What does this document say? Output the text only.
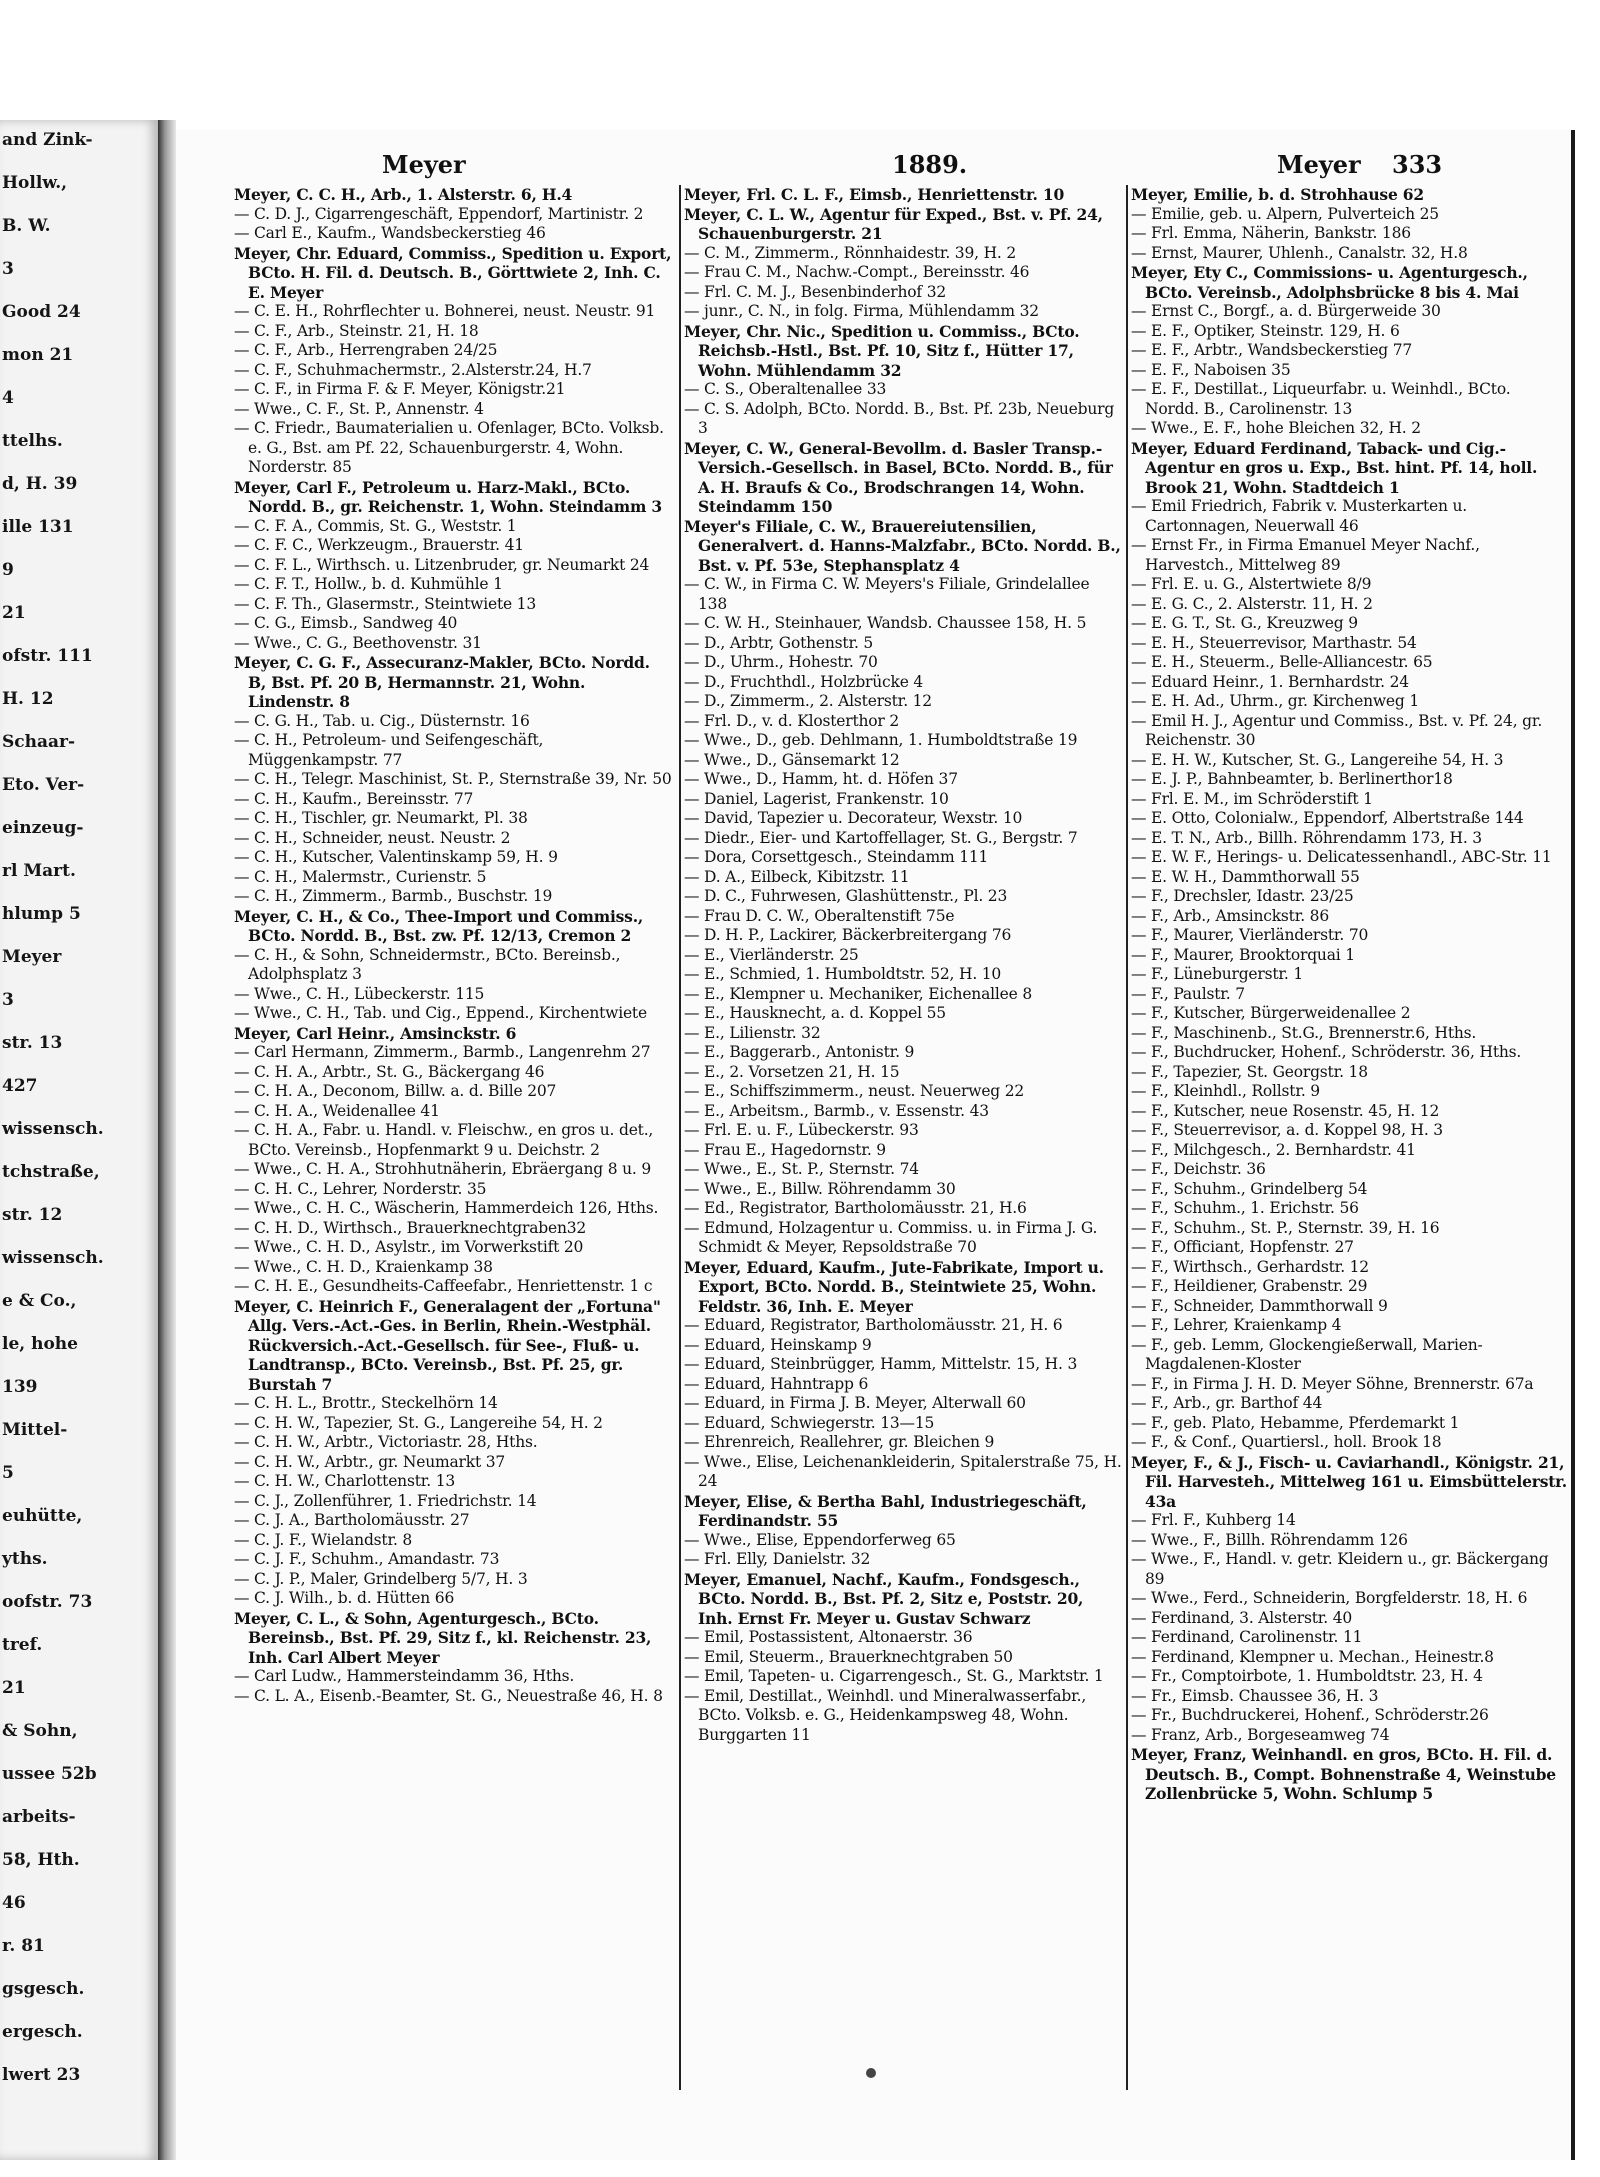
and Zink-
Hollw.,
B. W.
3
Good 24
mon 21
4
ttelhs.
d, H. 39
ille 131
9
21
ofstr. 111
H. 12
Schaar-
Eto. Ver-
einzeug-
rl Mart.
hlump 5
Meyer
3
str. 13
427
wissensch.
tchstraße,
str. 12
wissensch.
e & Co.,
le, hohe
139
Mittel-
5
euhütte,
yths.
oofstr. 73
tref.
21
& Sohn,
ussee 52b
arbeits-
58, Hth.
46
r. 81
gsgesch.
ergesch.
lwert 23
Meyer	1889.	Meyer 333

Meyer, C. C. H., Arb., 1. Alsterstr. 6, H.4

— C. D. J., Cigarrengeschäft, Eppendorf, Martinistr. 2

— Carl E., Kaufm., Wandsbeckerstieg 46

Meyer, Chr. Eduard, Commiss., Spedition u. Export, BCto. H. Fil. d. Deutsch. B., Görttwiete 2, Inh. C. E. Meyer

— C. E. H., Rohrflechter u. Bohnerei, neust. Neustr. 91

— C. F., Arb., Steinstr. 21, H. 18

— C. F., Arb., Herrengraben 24/25

— C. F., Schuhmachermstr., 2.Alsterstr.24, H.7

— C. F., in Firma F. & F. Meyer, Königstr.21

— Wwe., C. F., St. P., Annenstr. 4

— C. Friedr., Baumaterialien u. Ofenlager, BCto. Volksb. e. G., Bst. am Pf. 22, Schauenburgerstr. 4, Wohn. Norderstr. 85

Meyer, Carl F., Petroleum u. Harz-Makl., BCto. Nordd. B., gr. Reichenstr. 1, Wohn. Steindamm 3

— C. F. A., Commis, St. G., Weststr. 1

— C. F. C., Werkzeugm., Brauerstr. 41

— C. F. L., Wirthsch. u. Litzenbruder, gr. Neumarkt 24

— C. F. T., Hollw., b. d. Kuhmühle 1

— C. F. Th., Glasermstr., Steintwiete 13

— C. G., Eimsb., Sandweg 40

— Wwe., C. G., Beethovenstr. 31

Meyer, C. G. F., Assecuranz-Makler, BCto. Nordd. B, Bst. Pf. 20 B, Hermannstr. 21, Wohn. Lindenstr. 8

— C. G. H., Tab. u. Cig., Düsternstr. 16

— C. H., Petroleum- und Seifengeschäft, Müggenkampstr. 77

— C. H., Telegr. Maschinist, St. P., Sternstraße 39, Nr. 50

— C. H., Kaufm., Bereinsstr. 77

— C. H., Tischler, gr. Neumarkt, Pl. 38

— C. H., Schneider, neust. Neustr. 2

— C. H., Kutscher, Valentinskamp 59, H. 9

— C. H., Malermstr., Curienstr. 5

— C. H., Zimmerm., Barmb., Buschstr. 19

Meyer, C. H., & Co., Thee-Import und Commiss., BCto. Nordd. B., Bst. zw. Pf. 12/13, Cremon 2

— C. H., & Sohn, Schneidermstr., BCto. Bereinsb., Adolphsplatz 3

— Wwe., C. H., Lübeckerstr. 115

— Wwe., C. H., Tab. und Cig., Eppend., Kirchentwiete

Meyer, Carl Heinr., Amsinckstr. 6

— Carl Hermann, Zimmerm., Barmb., Langenrehm 27

— C. H. A., Arbtr., St. G., Bäckergang 46

— C. H. A., Deconom, Billw. a. d. Bille 207

— C. H. A., Weidenallee 41

— C. H. A., Fabr. u. Handl. v. Fleischw., en gros u. det., BCto. Vereinsb., Hopfenmarkt 9 u. Deichstr. 2

— Wwe., C. H. A., Strohhutnäherin, Ebräergang 8 u. 9

— C. H. C., Lehrer, Norderstr. 35

— Wwe., C. H. C., Wäscherin, Hammerdeich 126, Hths.

— C. H. D., Wirthsch., Brauerknechtgraben32

— Wwe., C. H. D., Asylstr., im Vorwerkstift 20

— Wwe., C. H. D., Kraienkamp 38

— C. H. E., Gesundheits-Caffeefabr., Henriettenstr. 1 c

Meyer, C. Heinrich F., Generalagent der „Fortuna" Allg. Vers.-Act.-Ges. in Berlin, Rhein.-Westphäl. Rückversich.-Act.-Gesellsch. für See-, Fluß- u. Landtransp., BCto. Vereinsb., Bst. Pf. 25, gr. Burstah 7

— C. H. L., Brottr., Steckelhörn 14

— C. H. W., Tapezier, St. G., Langereihe 54, H. 2

— C. H. W., Arbtr., Victoriastr. 28, Hths.

— C. H. W., Arbtr., gr. Neumarkt 37

— C. H. W., Charlottenstr. 13

— C. J., Zollenführer, 1. Friedrichstr. 14

— C. J. A., Bartholomäusstr. 27

— C. J. F., Wielandstr. 8

— C. J. F., Schuhm., Amandastr. 73

— C. J. P., Maler, Grindelberg 5/7, H. 3

— C. J. Wilh., b. d. Hütten 66

Meyer, C. L., & Sohn, Agenturgesch., BCto. Bereinsb., Bst. Pf. 29, Sitz f., kl. Reichenstr. 23, Inh. Carl Albert Meyer

— Carl Ludw., Hammersteindamm 36, Hths.

— C. L. A., Eisenb.-Beamter, St. G., Neuestraße 46, H. 8

Meyer, Frl. C. L. F., Eimsb., Henriettenstr. 10

Meyer, C. L. W., Agentur für Exped., Bst. v. Pf. 24, Schauenburgerstr. 21

— C. M., Zimmerm., Rönnhaidestr. 39, H. 2

— Frau C. M., Nachw.-Compt., Bereinsstr. 46

— Frl. C. M. J., Besenbinderhof 32

— junr., C. N., in folg. Firma, Mühlendamm 32

Meyer, Chr. Nic., Spedition u. Commiss., BCto. Reichsb.-Hstl., Bst. Pf. 10, Sitz f., Hütter 17, Wohn. Mühlendamm 32

— C. S., Oberaltenallee 33

— C. S. Adolph, BCto. Nordd. B., Bst. Pf. 23b, Neueburg 3

Meyer, C. W., General-Bevollm. d. Basler Transp.-Versich.-Gesellsch. in Basel, BCto. Nordd. B., für A. H. Braufs & Co., Brodschrangen 14, Wohn. Steindamm 150

Meyer's Filiale, C. W., Brauereiutensilien, Generalvert. d. Hanns-Malzfabr., BCto. Nordd. B., Bst. v. Pf. 53e, Stephansplatz 4

— C. W., in Firma C. W. Meyers's Filiale, Grindelallee 138

— C. W. H., Steinhauer, Wandsb. Chaussee 158, H. 5

— D., Arbtr, Gothenstr. 5

— D., Uhrm., Hohestr. 70

— D., Fruchthdl., Holzbrücke 4

— D., Zimmerm., 2. Alsterstr. 12

— Frl. D., v. d. Klosterthor 2

— Wwe., D., geb. Dehlmann, 1. Humboldtstraße 19

— Wwe., D., Gänsemarkt 12

— Wwe., D., Hamm, ht. d. Höfen 37

— Daniel, Lagerist, Frankenstr. 10

— David, Tapezier u. Decorateur, Wexstr. 10

— Diedr., Eier- und Kartoffellager, St. G., Bergstr. 7

— Dora, Corsettgesch., Steindamm 111

— D. A., Eilbeck, Kibitzstr. 11

— D. C., Fuhrwesen, Glashüttenstr., Pl. 23

— Frau D. C. W., Oberaltenstift 75e

— D. H. P., Lackirer, Bäckerbreitergang 76

— E., Vierländerstr. 25

— E., Schmied, 1. Humboldtstr. 52, H. 10

— E., Klempner u. Mechaniker, Eichenallee 8

— E., Hausknecht, a. d. Koppel 55

— E., Lilienstr. 32

— E., Baggerarb., Antonistr. 9

— E., 2. Vorsetzen 21, H. 15

— E., Schiffszimmerm., neust. Neuerweg 22

— E., Arbeitsm., Barmb., v. Essenstr. 43

— Frl. E. u. F., Lübeckerstr. 93

— Frau E., Hagedornstr. 9

— Wwe., E., St. P., Sternstr. 74

— Wwe., E., Billw. Röhrendamm 30

— Ed., Registrator, Bartholomäusstr. 21, H.6

— Edmund, Holzagentur u. Commiss. u. in Firma J. G. Schmidt & Meyer, Repsoldstraße 70

Meyer, Eduard, Kaufm., Jute-Fabrikate, Import u. Export, BCto. Nordd. B., Steintwiete 25, Wohn. Feldstr. 36, Inh. E. Meyer

— Eduard, Registrator, Bartholomäusstr. 21, H. 6

— Eduard, Heinskamp 9

— Eduard, Steinbrügger, Hamm, Mittelstr. 15, H. 3

— Eduard, Hahntrapp 6

— Eduard, in Firma J. B. Meyer, Alterwall 60

— Eduard, Schwiegerstr. 13—15

— Ehrenreich, Reallehrer, gr. Bleichen 9

— Wwe., Elise, Leichenankleiderin, Spitalerstraße 75, H. 24

Meyer, Elise, & Bertha Bahl, Industriegeschäft, Ferdinandstr. 55

— Wwe., Elise, Eppendorferweg 65

— Frl. Elly, Danielstr. 32

Meyer, Emanuel, Nachf., Kaufm., Fondsgesch., BCto. Nordd. B., Bst. Pf. 2, Sitz e, Poststr. 20, Inh. Ernst Fr. Meyer u. Gustav Schwarz

— Emil, Postassistent, Altonaerstr. 36

— Emil, Steuerm., Brauerknechtgraben 50

— Emil, Tapeten- u. Cigarrengesch., St. G., Marktstr. 1

— Emil, Destillat., Weinhdl. und Mineralwasserfabr., BCto. Volksb. e. G., Heidenkampsweg 48, Wohn. Burggarten 11

Meyer, Emilie, b. d. Strohhause 62

— Emilie, geb. u. Alpern, Pulverteich 25

— Frl. Emma, Näherin, Bankstr. 186

— Ernst, Maurer, Uhlenh., Canalstr. 32, H.8

Meyer, Ety C., Commissions- u. Agenturgesch., BCto. Vereinsb., Adolphsbrücke 8 bis 4. Mai

— Ernst C., Borgf., a. d. Bürgerweide 30

— E. F., Optiker, Steinstr. 129, H. 6

— E. F., Arbtr., Wandsbeckerstieg 77

— E. F., Naboisen 35

— E. F., Destillat., Liqueurfabr. u. Weinhdl., BCto. Nordd. B., Carolinenstr. 13

— Wwe., E. F., hohe Bleichen 32, H. 2

Meyer, Eduard Ferdinand, Taback- und Cig.-Agentur en gros u. Exp., Bst. hint. Pf. 14, holl. Brook 21, Wohn. Stadtdeich 1

— Emil Friedrich, Fabrik v. Musterkarten u. Cartonnagen, Neuerwall 46

— Ernst Fr., in Firma Emanuel Meyer Nachf., Harvestch., Mittelweg 89

— Frl. E. u. G., Alstertwiete 8/9

— E. G. C., 2. Alsterstr. 11, H. 2

— E. G. T., St. G., Kreuzweg 9

— E. H., Steuerrevisor, Marthastr. 54

— E. H., Steuerm., Belle-Alliancestr. 65

— Eduard Heinr., 1. Bernhardstr. 24

— E. H. Ad., Uhrm., gr. Kirchenweg 1

— Emil H. J., Agentur und Commiss., Bst. v. Pf. 24, gr. Reichenstr. 30

— E. H. W., Kutscher, St. G., Langereihe 54, H. 3

— E. J. P., Bahnbeamter, b. Berlinerthor18

— Frl. E. M., im Schröderstift 1

— E. Otto, Colonialw., Eppendorf, Albertstraße 144

— E. T. N., Arb., Billh. Röhrendamm 173, H. 3

— E. W. F., Herings- u. Delicatessenhandl., ABC-Str. 11

— E. W. H., Dammthorwall 55

— F., Drechsler, Idastr. 23/25

— F., Arb., Amsinckstr. 86

— F., Maurer, Vierländerstr. 70

— F., Maurer, Brooktorquai 1

— F., Lüneburgerstr. 1

— F., Paulstr. 7

— F., Kutscher, Bürgerweidenallee 2

— F., Maschinenb., St.G., Brennerstr.6, Hths.

— F., Buchdrucker, Hohenf., Schröderstr. 36, Hths.

— F., Tapezier, St. Georgstr. 18

— F., Kleinhdl., Rollstr. 9

— F., Kutscher, neue Rosenstr. 45, H. 12

— F., Steuerrevisor, a. d. Koppel 98, H. 3

— F., Milchgesch., 2. Bernhardstr. 41

— F., Deichstr. 36

— F., Schuhm., Grindelberg 54

— F., Schuhm., 1. Erichstr. 56

— F., Schuhm., St. P., Sternstr. 39, H. 16

— F., Officiant, Hopfenstr. 27

— F., Wirthsch., Gerhardstr. 12

— F., Heildiener, Grabenstr. 29

— F., Schneider, Dammthorwall 9

— F., Lehrer, Kraienkamp 4

— F., geb. Lemm, Glockengießerwall, Marien-Magdalenen-Kloster

— F., in Firma J. H. D. Meyer Söhne, Brennerstr. 67a

— F., Arb., gr. Barthof 44

— F., geb. Plato, Hebamme, Pferdemarkt 1

— F., & Conf., Quartiersl., holl. Brook 18

Meyer, F., & J., Fisch- u. Caviarhandl., Königstr. 21, Fil. Harvesteh., Mittelweg 161 u. Eimsbüttelerstr. 43a

— Frl. F., Kuhberg 14

— Wwe., F., Billh. Röhrendamm 126

— Wwe., F., Handl. v. getr. Kleidern u., gr. Bäckergang 89

— Wwe., Ferd., Schneiderin, Borgfelderstr. 18, H. 6

— Ferdinand, 3. Alsterstr. 40

— Ferdinand, Carolinenstr. 11

— Ferdinand, Klempner u. Mechan., Heinestr.8

— Fr., Comptoirbote, 1. Humboldtstr. 23, H. 4

— Fr., Eimsb. Chaussee 36, H. 3

— Fr., Buchdruckerei, Hohenf., Schröderstr.26

— Franz, Arb., Borgeseamweg 74

Meyer, Franz, Weinhandl. en gros, BCto. H. Fil. d. Deutsch. B., Compt. Bohnenstraße 4, Weinstube Zollenbrücke 5, Wohn. Schlump 5
